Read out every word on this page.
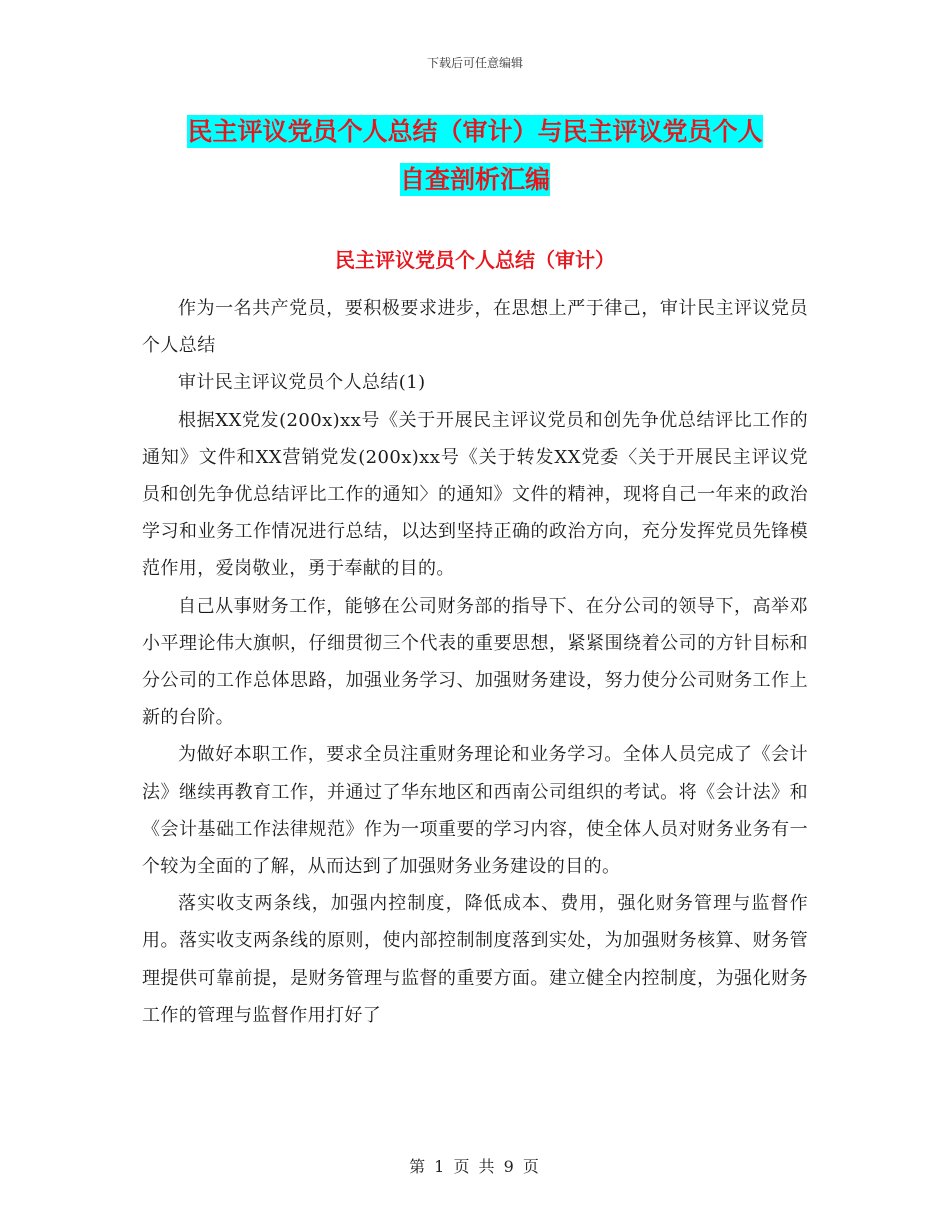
下载后可任意编辑
民主评议党员个人总结（审计）与民主评议党员个人
自查剖析汇编
民主评议党员个人总结（审计）

作为一名共产党员，要积极要求进步，在思想上严于律己，审计民主评议党员个人总结

审计民主评议党员个人总结(1)

根据XX党发(200x)xx号《关于开展民主评议党员和创先争优总结评比工作的通知》文件和XX营销党发(200x)xx号《关于转发XX党委〈关于开展民主评议党员和创先争优总结评比工作的通知〉的通知》文件的精神，现将自己一年来的政治学习和业务工作情况进行总结，以达到坚持正确的政治方向，充分发挥党员先锋模范作用，爱岗敬业，勇于奉献的目的。

自己从事财务工作，能够在公司财务部的指导下、在分公司的领导下，高举邓小平理论伟大旗帜，仔细贯彻三个代表的重要思想，紧紧围绕着公司的方针目标和分公司的工作总体思路，加强业务学习、加强财务建设，努力使分公司财务工作上新的台阶。

为做好本职工作，要求全员注重财务理论和业务学习。全体人员完成了《会计法》继续再教育工作，并通过了华东地区和西南公司组织的考试。将《会计法》和《会计基础工作法律规范》作为一项重要的学习内容，使全体人员对财务业务有一个较为全面的了解，从而达到了加强财务业务建设的目的。

落实收支两条线，加强内控制度，降低成本、费用，强化财务管理与监督作用。落实收支两条线的原则，使内部控制制度落到实处，为加强财务核算、财务管理提供可靠前提，是财务管理与监督的重要方面。建立健全内控制度，为强化财务工作的管理与监督作用打好了

第 1 页 共 9 页
